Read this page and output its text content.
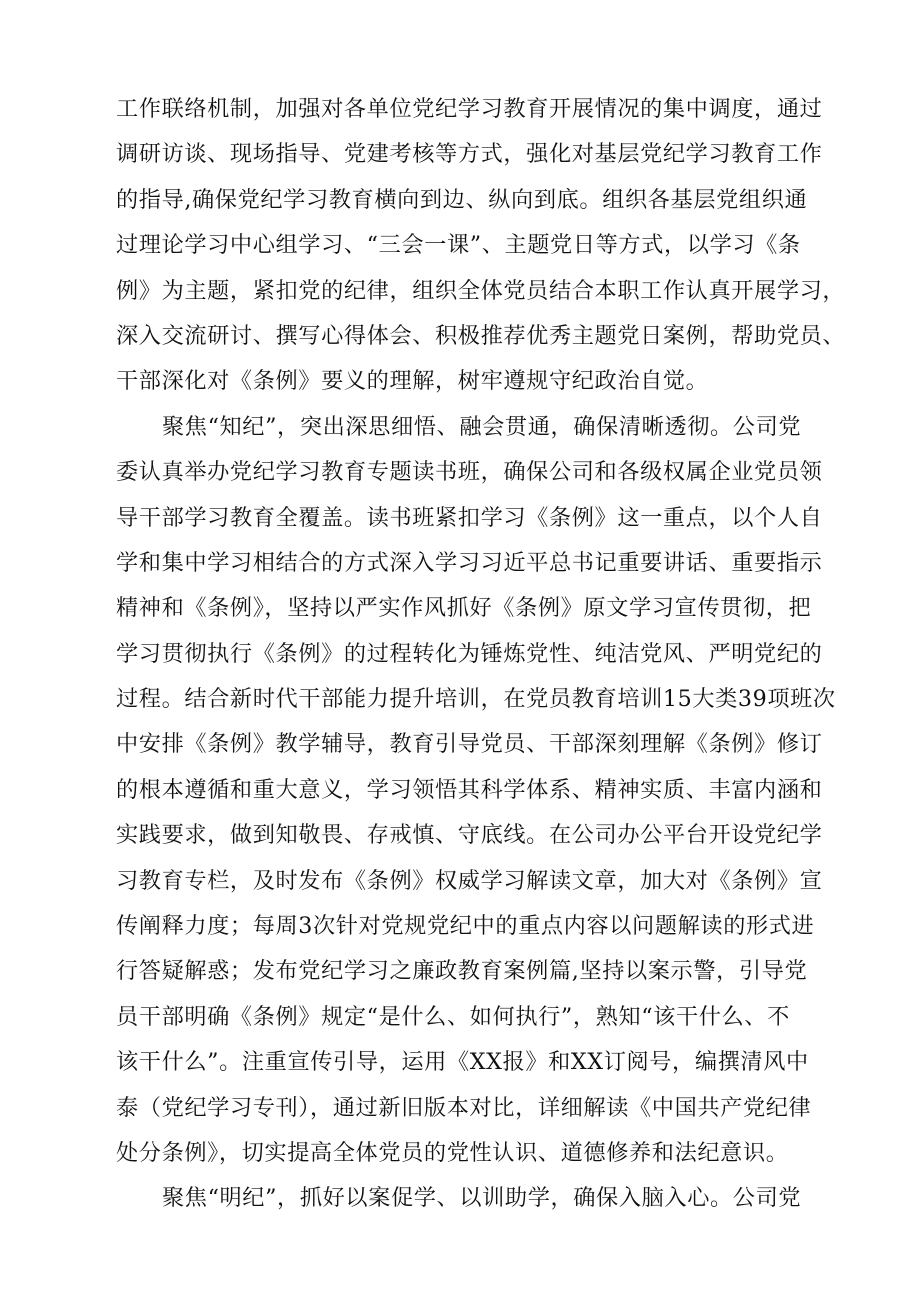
工作联络机制，加强对各单位党纪学习教育开展情况的集中调度，通过
调研访谈、现场指导、党建考核等方式，强化对基层党纪学习教育工作
的指导,确保党纪学习教育横向到边、纵向到底。组织各基层党组织通
过理论学习中心组学习、“三会一课”、主题党日等方式，以学习《条
例》为主题，紧扣党的纪律，组织全体党员结合本职工作认真开展学习，
深入交流研讨、撰写心得体会、积极推荐优秀主题党日案例，帮助党员、
干部深化对《条例》要义的理解，树牢遵规守纪政治自觉。
聚焦“知纪”，突出深思细悟、融会贯通，确保清晰透彻。公司党
委认真举办党纪学习教育专题读书班，确保公司和各级权属企业党员领
导干部学习教育全覆盖。读书班紧扣学习《条例》这一重点，以个人自
学和集中学习相结合的方式深入学习习近平总书记重要讲话、重要指示
精神和《条例》，坚持以严实作风抓好《条例》原文学习宣传贯彻，把
学习贯彻执行《条例》的过程转化为锤炼党性、纯洁党风、严明党纪的
过程。结合新时代干部能力提升培训，在党员教育培训15大类39项班次
中安排《条例》教学辅导，教育引导党员、干部深刻理解《条例》修订
的根本遵循和重大意义，学习领悟其科学体系、精神实质、丰富内涵和
实践要求，做到知敬畏、存戒慎、守底线。在公司办公平台开设党纪学
习教育专栏，及时发布《条例》权威学习解读文章，加大对《条例》宣
传阐释力度；每周3次针对党规党纪中的重点内容以问题解读的形式进
行答疑解惑；发布党纪学习之廉政教育案例篇,坚持以案示警，引导党
员干部明确《条例》规定“是什么、如何执行”，熟知“该干什么、不
该干什么”。注重宣传引导，运用《XX报》和XX订阅号，编撰清风中
泰（党纪学习专刊），通过新旧版本对比，详细解读《中国共产党纪律
处分条例》，切实提高全体党员的党性认识、道德修养和法纪意识。
聚焦“明纪”，抓好以案促学、以训助学，确保入脑入心。公司党
